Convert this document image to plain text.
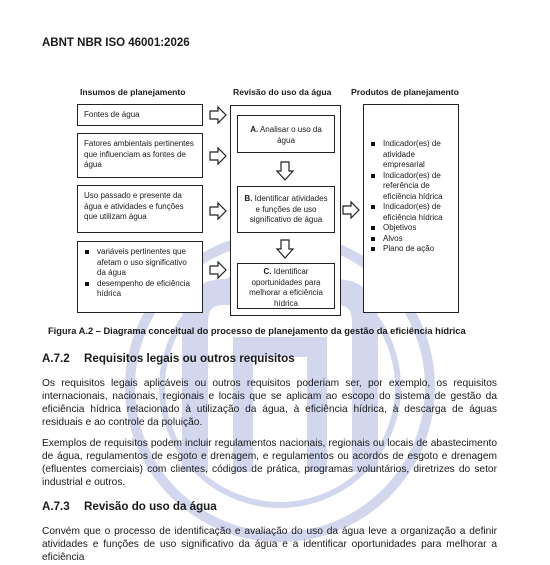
ABNT NBR ISO 46001:2026
Insumos de planejamento	Revisão do uso da água Produtos de planejamento
Fontes de água
Fatores ambientais pertinentes que influenciam as fontes de água
Uso passado e presente da água e atividades e funções que utilizam água
variáveis pertinentes que afetam o uso significativo da água
desempenho de eficiência hídrica
A. Analisar o uso da água
B. Identificar atividades e funções de uso significativo de água
C. Identificar oportunidades para melhorar a eficiência hídrica
Indicador(es) de atividade empresarial
Indicador(es) de referência de eficiência hídrica
Indicador(es) de eficiência hídrica
Objetivos
Alvos
Plano de ação
Figura A.2 – Diagrama conceitual do processo de planejamento da gestão da eficiência hídrica
A.7.2 Requisitos legais ou outros requisitos
Os requisitos legais aplicáveis ou outros requisitos poderiam ser, por exemplo, os requisitos internacionais, nacionais, regionais e locais que se aplicam ao escopo do sistema de gestão da eficiência hídrica relacionado à utilização da água, à eficiência hídrica, à descarga de águas residuais e ao controle da poluição.
Exemplos de requisitos podem incluir regulamentos nacionais, regionais ou locais de abastecimento de água, regulamentos de esgoto e drenagem, e regulamentos ou acordos de esgoto e drenagem (efluentes comerciais) com clientes, códigos de prática, programas voluntários, diretrizes do setor industrial e outros.
A.7.3 Revisão do uso da água
Convém que o processo de identificação e avaliação do uso da água leve a organização a definir atividades e funções de uso significativo da água e a identificar oportunidades para melhorar a eficiência
